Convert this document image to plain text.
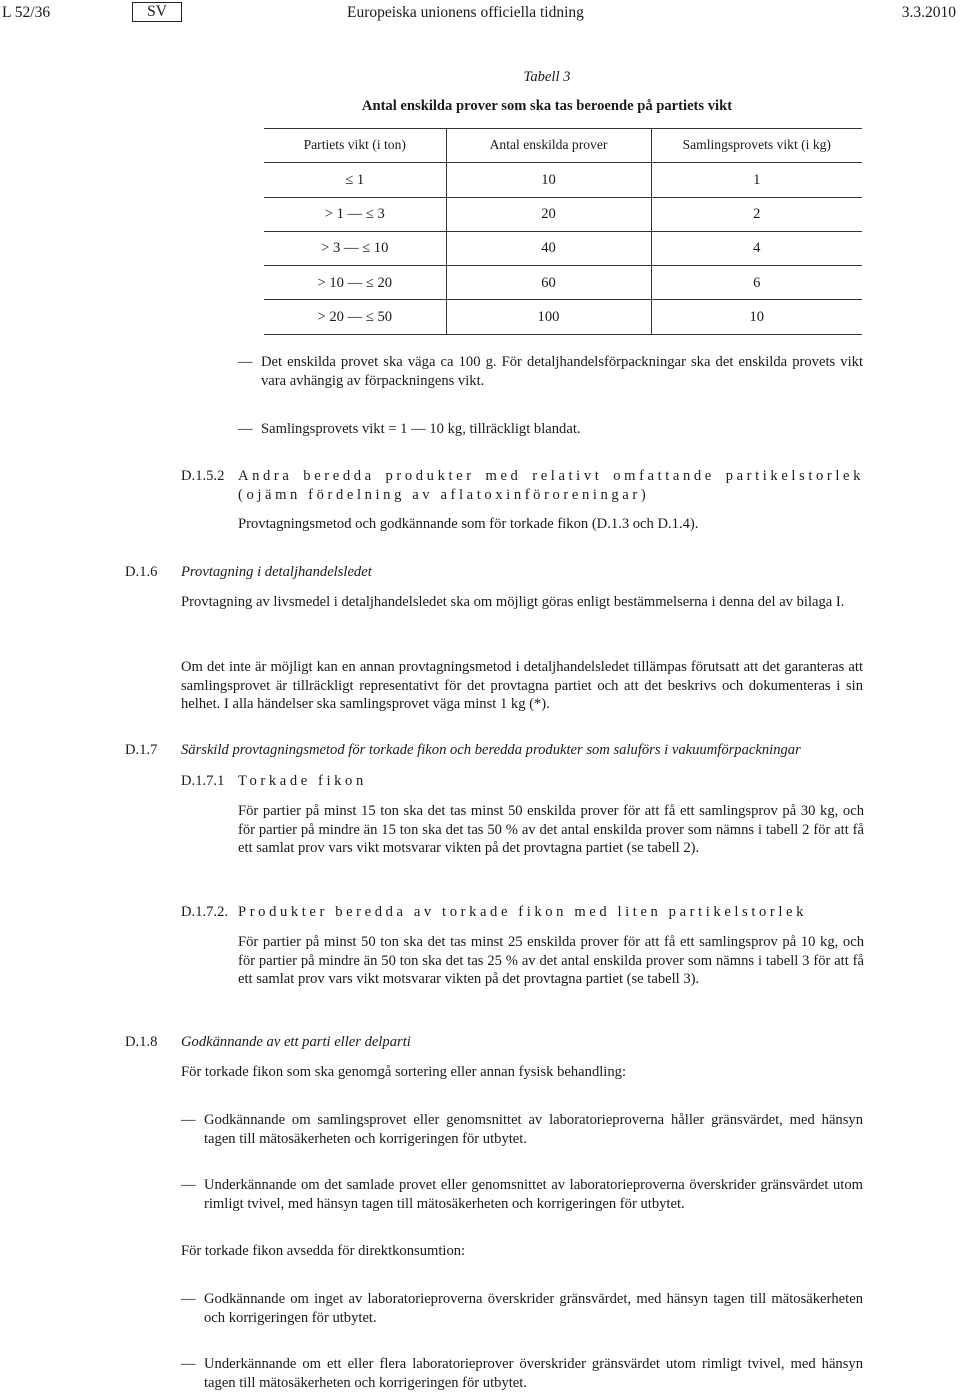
L 52/36	SV	Europeiska unionens officiella tidning	3.3.2010
Tabell 3
Antal enskilda prover som ska tas beroende på partiets vikt
Partiets vikt (i ton)	Antal enskilda prover	Samlingsprovets vikt (i kg)
≤ 1	10	1
> 1 — ≤ 3	20	2
> 3 — ≤ 10	40	4
> 10 — ≤ 20	60	6
> 20 — ≤ 50	100	10
— Det enskilda provet ska väga ca 100 g. För detaljhandelsförpackningar ska det enskilda provets vikt vara avhängig av förpackningens vikt.
— Samlingsprovets vikt = 1 — 10 kg, tillräckligt blandat.
D.1.5.2 Andra beredda produkter med relativt omfattande partikelstorlek (ojämn fördelning av aflatoxinföroreningar)
Provtagningsmetod och godkännande som för torkade fikon (D.1.3 och D.1.4).
D.1.6 Provtagning i detaljhandelsledet
Provtagning av livsmedel i detaljhandelsledet ska om möjligt göras enligt bestämmelserna i denna del av bilaga I.
Om det inte är möjligt kan en annan provtagningsmetod i detaljhandelsledet tillämpas förutsatt att det garanteras att samlingsprovet är tillräckligt representativt för det provtagna partiet och att det beskrivs och dokumenteras i sin helhet. I alla händelser ska samlingsprovet väga minst 1 kg (*).
D.1.7 Särskild provtagningsmetod för torkade fikon och beredda produkter som saluförs i vakuumförpackningar
D.1.7.1 Torkade fikon
För partier på minst 15 ton ska det tas minst 50 enskilda prover för att få ett samlingsprov på 30 kg, och för partier på mindre än 15 ton ska det tas 50 % av det antal enskilda prover som nämns i tabell 2 för att få ett samlat prov vars vikt motsvarar vikten på det provtagna partiet (se tabell 2).
D.1.7.2. Produkter beredda av torkade fikon med liten partikelstorlek
För partier på minst 50 ton ska det tas minst 25 enskilda prover för att få ett samlingsprov på 10 kg, och för partier på mindre än 50 ton ska det tas 25 % av det antal enskilda prover som nämns i tabell 3 för att få ett samlat prov vars vikt motsvarar vikten på det provtagna partiet (se tabell 3).
D.1.8 Godkännande av ett parti eller delparti
För torkade fikon som ska genomgå sortering eller annan fysisk behandling:
— Godkännande om samlingsprovet eller genomsnittet av laboratorieproverna håller gränsvärdet, med hänsyn tagen till mätosäkerheten och korrigeringen för utbytet.
— Underkännande om det samlade provet eller genomsnittet av laboratorieproverna överskrider gränsvärdet utom rimligt tvivel, med hänsyn tagen till mätosäkerheten och korrigeringen för utbytet.
För torkade fikon avsedda för direktkonsumtion:
— Godkännande om inget av laboratorieproverna överskrider gränsvärdet, med hänsyn tagen till mätosäkerheten och korrigeringen för utbytet.
— Underkännande om ett eller flera laboratorieprover överskrider gränsvärdet utom rimligt tvivel, med hänsyn tagen till mätosäkerheten och korrigeringen för utbytet.
